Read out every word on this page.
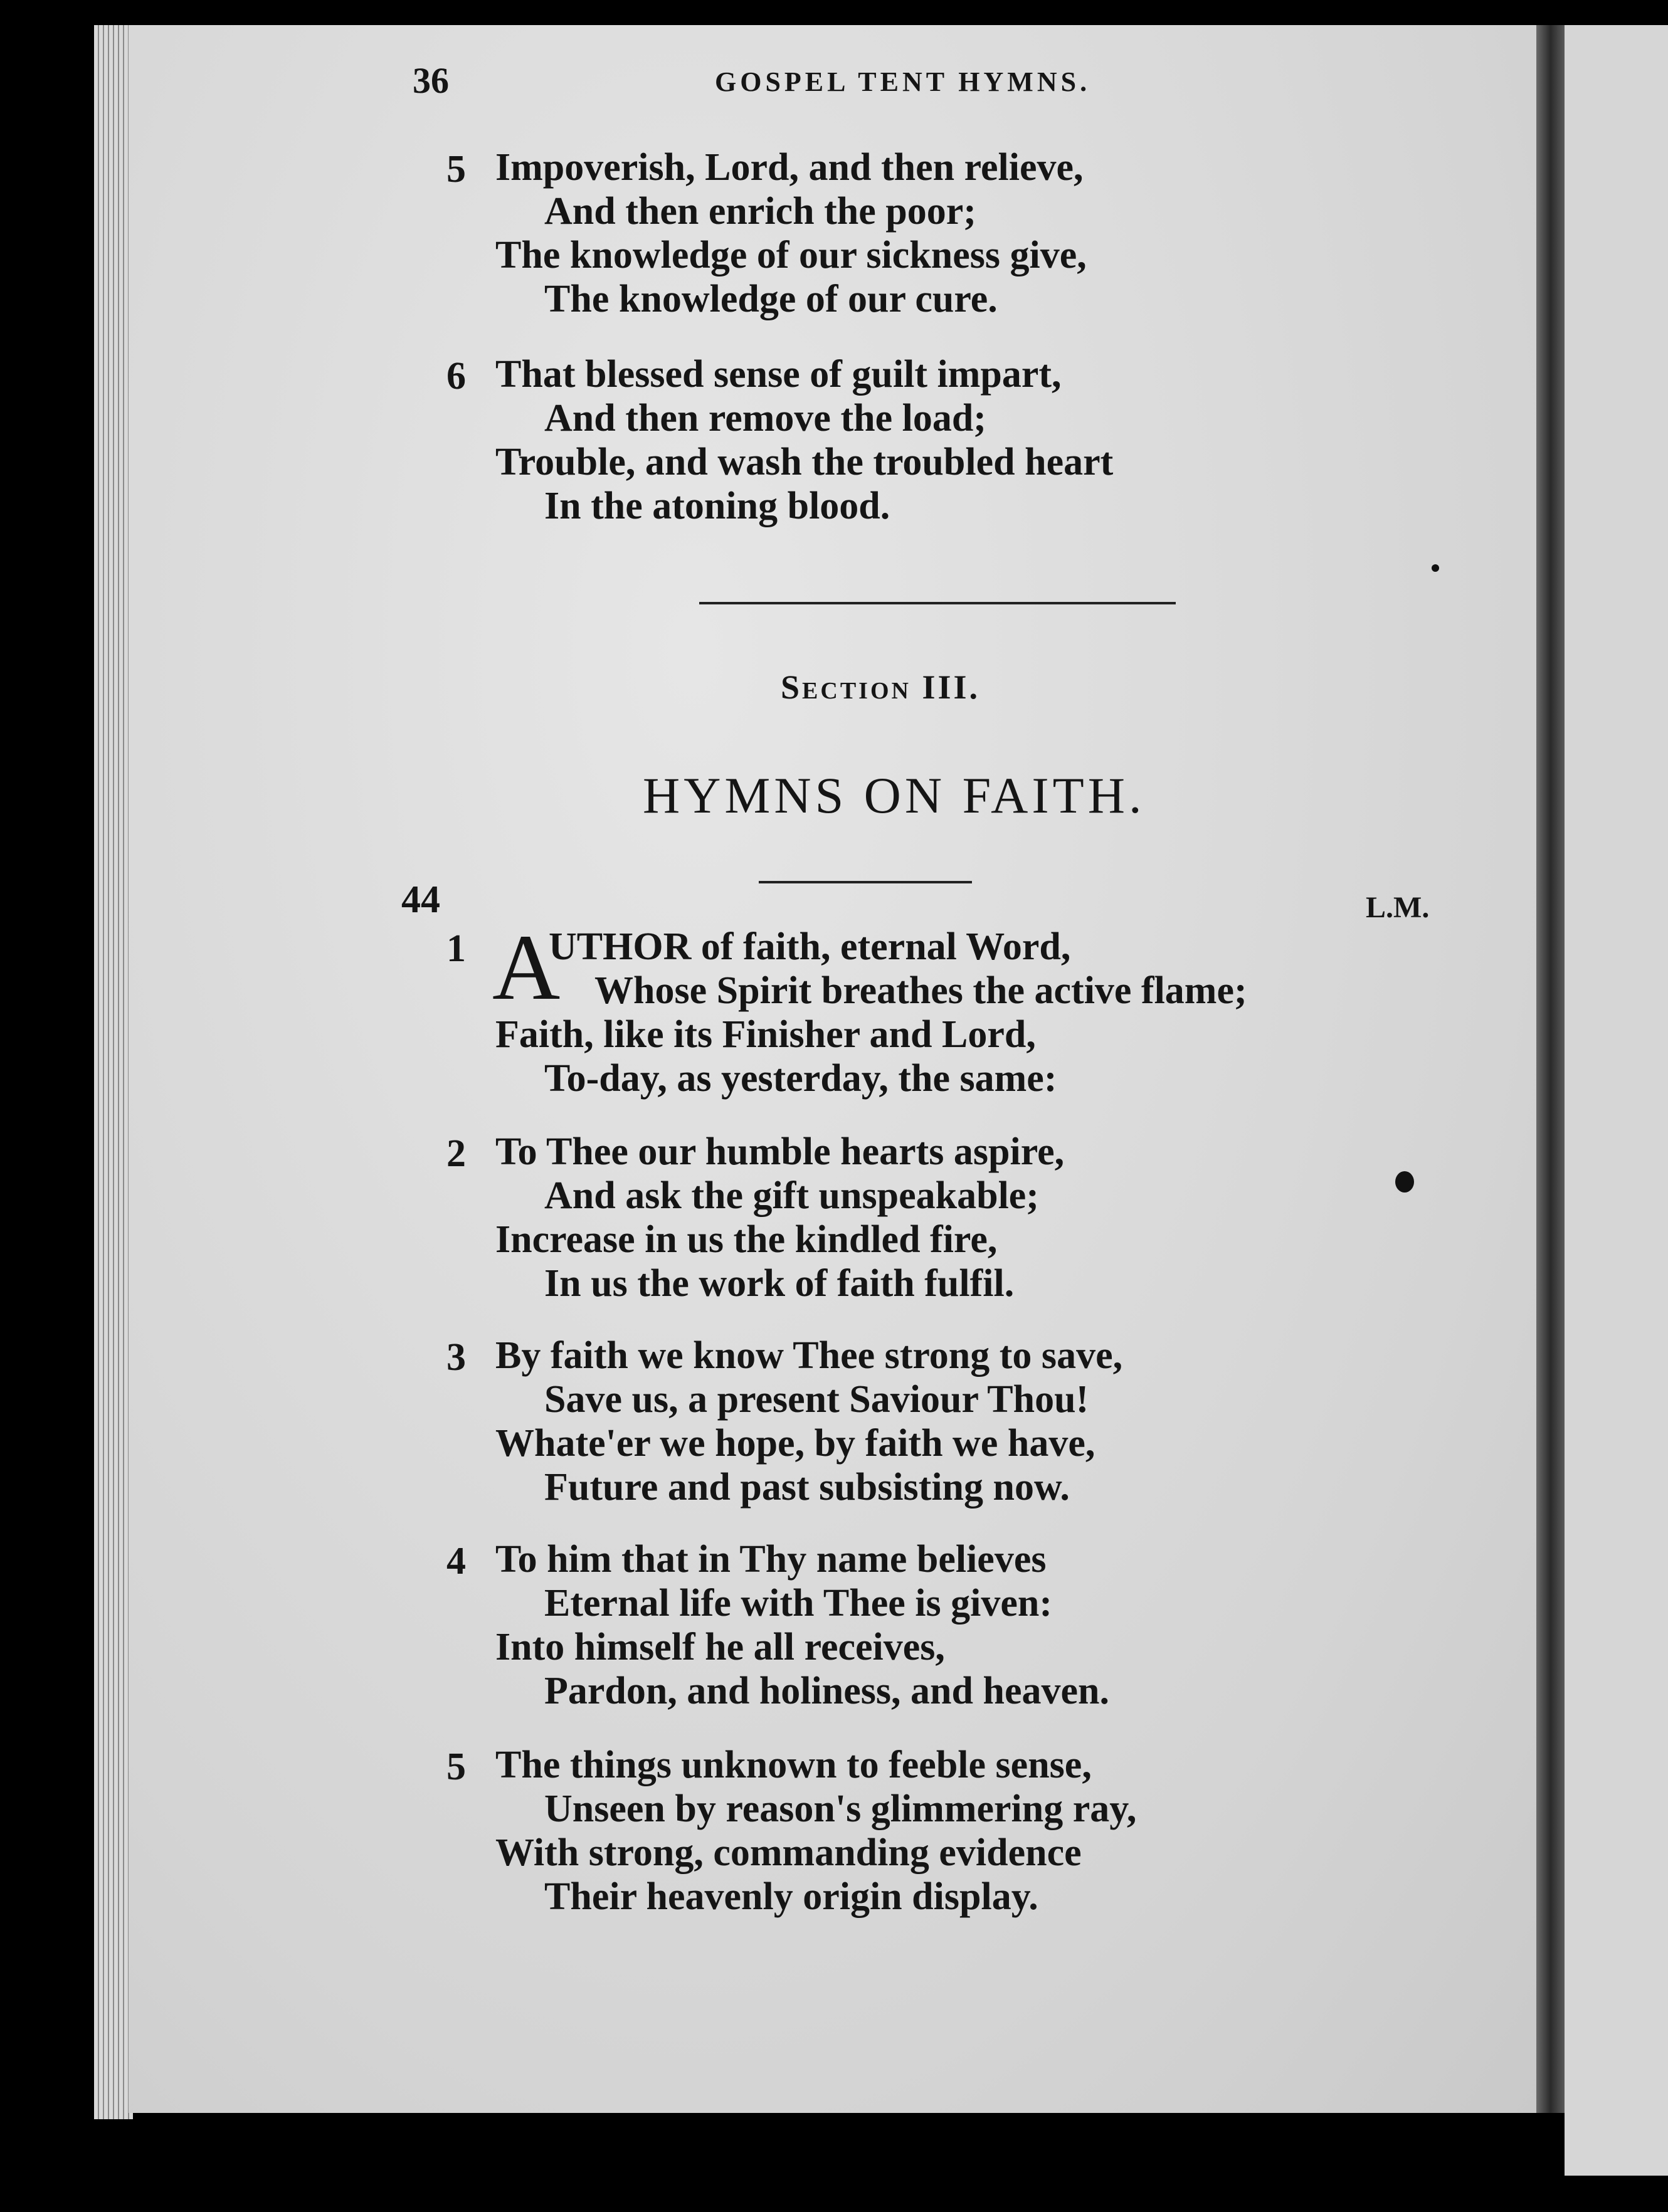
36	GOSPEL TENT HYMNS.
5 Impoverish, Lord, and then relieve,
And then enrich the poor;
The knowledge of our sickness give,
The knowledge of our cure.
6 That blessed sense of guilt impart,
And then remove the load;
Trouble, and wash the troubled heart
In the atoning blood.
Section III.
HYMNS ON FAITH.
44	L.M.
1 A
UTHOR of faith, eternal Word,
Whose Spirit breathes the active flame;
Faith, like its Finisher and Lord,
To-day, as yesterday, the same:
2 To Thee our humble hearts aspire,
And ask the gift unspeakable;
Increase in us the kindled fire,
In us the work of faith fulfil.
3 By faith we know Thee strong to save,
Save us, a present Saviour Thou!
Whate'er we hope, by faith we have,
Future and past subsisting now.
4 To him that in Thy name believes
Eternal life with Thee is given:
Into himself he all receives,
Pardon, and holiness, and heaven.
5 The things unknown to feeble sense,
Unseen by reason's glimmering ray,
With strong, commanding evidence
Their heavenly origin display.
